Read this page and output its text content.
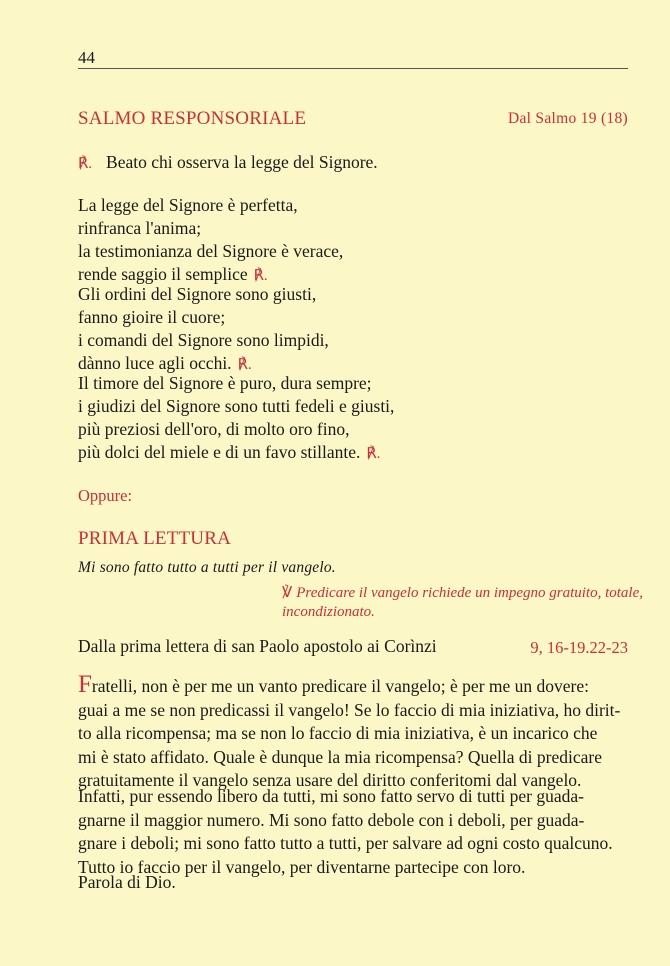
44
SALMO RESPONSORIALE	Dal Salmo 19 (18)
℟. Beato chi osserva la legge del Signore.
La legge del Signore è perfetta,
rinfranca l'anima;
la testimonianza del Signore è verace,
rende saggio il semplice ℟.
Gli ordini del Signore sono giusti,
fanno gioire il cuore;
i comandi del Signore sono limpidi,
dànno luce agli occhi. ℟.
Il timore del Signore è puro, dura sempre;
i giudizi del Signore sono tutti fedeli e giusti,
più preziosi dell'oro, di molto oro fino,
più dolci del miele e di un favo stillante. ℟.
Oppure:
PRIMA LETTURA
Mi sono fatto tutto a tutti per il vangelo.
℣ Predicare il vangelo richiede un impegno gratuito, totale,
incondizionato.
Dalla prima lettera di san Paolo apostolo ai Corìnzi	9, 16-19.22-23
Fratelli, non è per me un vanto predicare il vangelo; è per me un dovere:
guai a me se non predicassi il vangelo! Se lo faccio di mia iniziativa, ho dirit-
to alla ricompensa; ma se non lo faccio di mia iniziativa, è un incarico che
mi è stato affidato. Quale è dunque la mia ricompensa? Quella di predicare
gratuitamente il vangelo senza usare del diritto conferitomi dal vangelo.
Infatti, pur essendo libero da tutti, mi sono fatto servo di tutti per guada-
gnarne il maggior numero. Mi sono fatto debole con i deboli, per guada-
gnare i deboli; mi sono fatto tutto a tutti, per salvare ad ogni costo qualcuno.
Tutto io faccio per il vangelo, per diventarne partecipe con loro.
Parola di Dio.
